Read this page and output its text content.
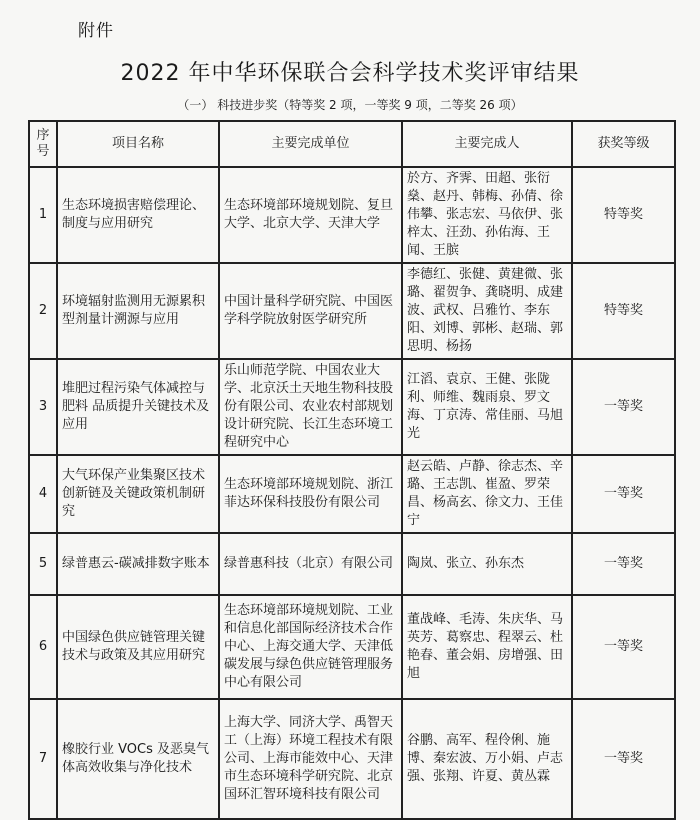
附件
2022 年中华环保联合会科学技术奖评审结果
（一） 科技进步奖（特等奖 2 项，一等奖 9 项，二等奖 26 项）
序号	项目名称	主要完成单位	主要完成人	获奖等级
1	生态环境损害赔偿理论、制度与应用研究	生态环境部环境规划院、复旦大学、北京大学、天津大学	於方、齐霁、田超、张衍燊、赵丹、韩梅、孙倩、徐伟攀、张志宏、马依伊、张梓太、汪劲、孙佑海、王闻、王膑	特等奖
2	环境辐射监测用无源累积型剂量计溯源与应用	中国计量科学研究院、中国医学科学院放射医学研究所	李德红、张健、黄建微、张璐、翟贺争、龚晓明、成建波、武权、吕雅竹、李东阳、刘博、郭彬、赵瑞、郭思明、杨扬	特等奖
3	堆肥过程污染气体减控与肥料 品质提升关键技术及应用	乐山师范学院、中国农业大学、北京沃土天地生物科技股份有限公司、农业农村部规划设计研究院、长江生态环境工程研究中心	江滔、袁京、王健、张陇利、师维、魏雨泉、罗文海、丁京涛、常佳丽、马旭光	一等奖
4	大气环保产业集聚区技术创新链及关键政策机制研究	生态环境部环境规划院、浙江菲达环保科技股份有限公司	赵云皓、卢静、徐志杰、辛璐、王志凯、崔盈、罗荣昌、杨高玄、徐文力、王佳宁	一等奖
5	绿普惠云-碳减排数字账本	绿普惠科技（北京）有限公司	陶岚、张立、孙东杰	一等奖
6	中国绿色供应链管理关键技术与政策及其应用研究	生态环境部环境规划院、工业和信息化部国际经济技术合作中心、上海交通大学、天津低碳发展与绿色供应链管理服务中心有限公司	董战峰、毛涛、朱庆华、马英芳、葛察忠、程翠云、杜艳春、董会娟、房增强、田旭	一等奖
7	橡胶行业 VOCs 及恶臭气体高效收集与净化技术	上海大学、同济大学、禹智天工（上海）环境工程技术有限公司、上海市能效中心、天津市生态环境科学研究院、北京国环汇智环境科技有限公司	谷鹏、高军、程伶俐、施博、秦宏波、万小娟、卢志强、张翔、许夏、黄丛霖	一等奖
